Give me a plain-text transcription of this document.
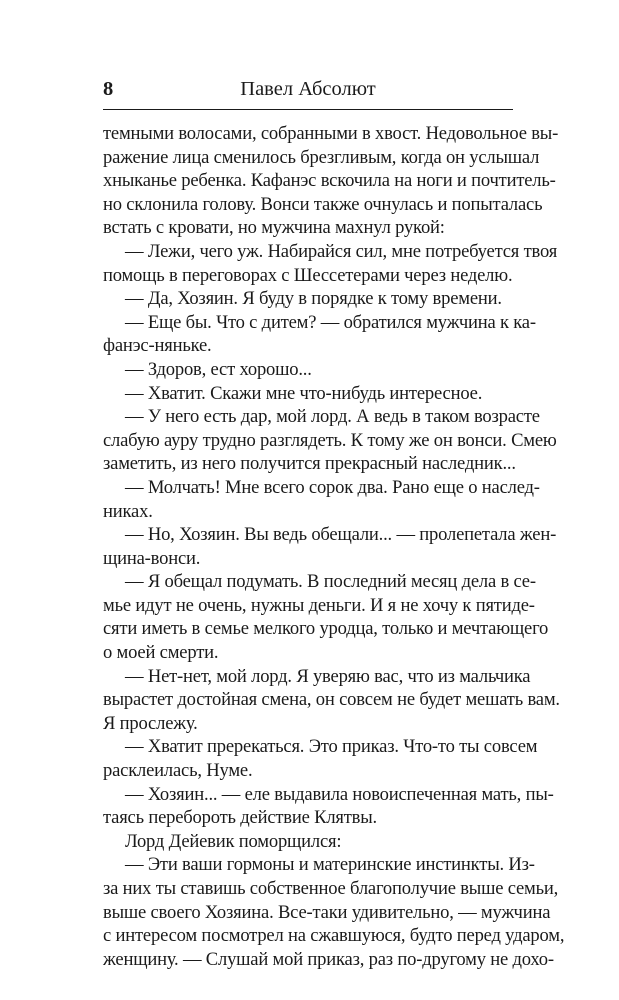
8	Павел Абсолют
темными волосами, собранными в хвост. Недовольное вы-
ражение лица сменилось брезгливым, когда он услышал
хныканье ребенка. Кафанэс вскочила на ноги и почтитель-
но склонила голову. Вонси также очнулась и попыталась
встать с кровати, но мужчина махнул рукой:
— Лежи, чего уж. Набирайся сил, мне потребуется твоя
помощь в переговорах с Шессетерами через неделю.
— Да, Хозяин. Я буду в порядке к тому времени.
— Еще бы. Что с дитем? — обратился мужчина к ка-
фанэс-няньке.
— Здоров, ест хорошо...
— Хватит. Скажи мне что-нибудь интересное.
— У него есть дар, мой лорд. А ведь в таком возрасте
слабую ауру трудно разглядеть. К тому же он вонси. Смею
заметить, из него получится прекрасный наследник...
— Молчать! Мне всего сорок два. Рано еще о наслед-
никах.
— Но, Хозяин. Вы ведь обещали... — пролепетала жен-
щина-вонси.
— Я обещал подумать. В последний месяц дела в се-
мье идут не очень, нужны деньги. И я не хочу к пятиде-
сяти иметь в семье мелкого уродца, только и мечтающего
о моей смерти.
— Нет-нет, мой лорд. Я уверяю вас, что из мальчика
вырастет достойная смена, он совсем не будет мешать вам.
Я прослежу.
— Хватит пререкаться. Это приказ. Что-то ты совсем
расклеилась, Нуме.
— Хозяин... — еле выдавила новоиспеченная мать, пы-
таясь перебороть действие Клятвы.
Лорд Дейевик поморщился:
— Эти ваши гормоны и материнские инстинкты. Из-
за них ты ставишь собственное благополучие выше семьи,
выше своего Хозяина. Все-таки удивительно, — мужчина
с интересом посмотрел на сжавшуюся, будто перед ударом,
женщину. — Слушай мой приказ, раз по-другому не дохо-
